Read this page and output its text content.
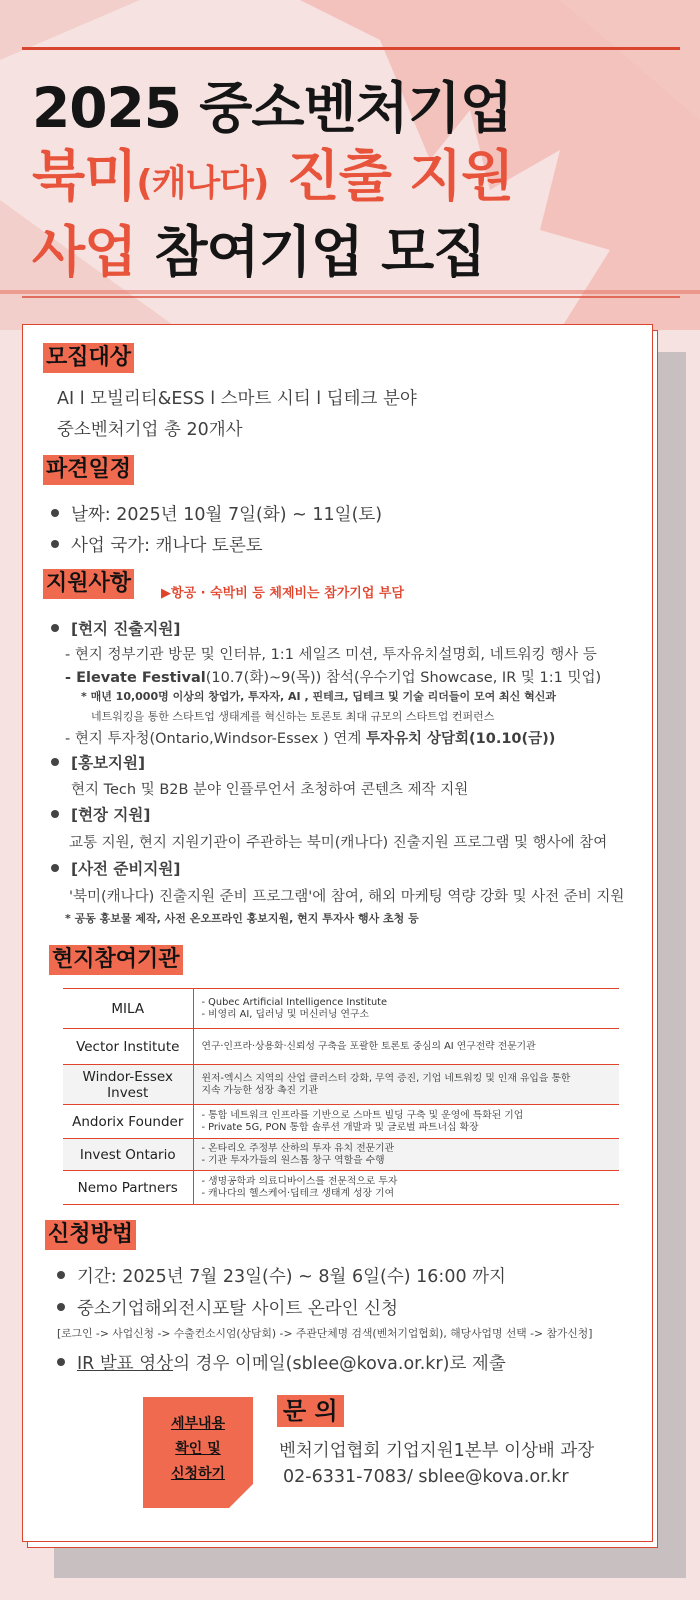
2025 중소벤처기업
북미(캐나다) 진출 지원
사업 참여기업 모집
모집대상
AI l 모빌리티&ESS l 스마트 시티 l 딥테크 분야
중소벤처기업 총 20개사
파견일정
날짜: 2025년 10월 7일(화) ~ 11일(토)
사업 국가: 캐나다 토론토
지원사항 ▶항공 · 숙박비 등 체제비는 참가기업 부담
[현지 진출지원]
- 현지 정부기관 방문 및 인터뷰, 1:1 세일즈 미션, 투자유치설명회, 네트워킹 행사 등
- Elevate Festival(10.7(화)~9(목)) 참석(우수기업 Showcase, IR 및 1:1 밋업)
* 매년 10,000명 이상의 창업가, 투자자, AI , 핀테크, 딥테크 및 기술 리더들이 모여 최신 혁신과
네트워킹을 통한 스타트업 생태계를 혁신하는 토론토 최대 규모의 스타트업 컨퍼런스
- 현지 투자청(Ontario,Windsor-Essex ) 연계 투자유치 상담회(10.10(금))
[홍보지원]
현지 Tech 및 B2B 분야 인플루언서 초청하여 콘텐츠 제작 지원
[현장 지원]
교통 지원, 현지 지원기관이 주관하는 북미(캐나다) 진출지원 프로그램 및 행사에 참여
[사전 준비지원]
'북미(캐나다) 진출지원 준비 프로그램'에 참여, 해외 마케팅 역량 강화 및 사전 준비 지원
* 공동 홍보물 제작, 사전 온오프라인 홍보지원, 현지 투자사 행사 초청 등
현지참여기관
MILA	- Qubec Artificial Intelligence Institute
- 비영리 AI, 딥러닝 및 머신러닝 연구소

Vector Institute	연구·인프라·상용화·신뢰성 구축을 포괄한 토론토 중심의 AI 연구전략 전문기관

Windor-Essex Invest	윈저-엑시스 지역의 산업 클러스터 강화, 무역 증진, 기업 네트워킹 및 인재 유입을 통한
지속 가능한 성장 촉진 기관

Andorix Founder	- 통합 네트워크 인프라를 기반으로 스마트 빌딩 구축 및 운영에 특화된 기업
- Private 5G, PON 통합 솔루션 개발과 및 글로벌 파트너십 확장

Invest Ontario	- 온타리오 주정부 산하의 투자 유치 전문기관
- 기관 투자가들의 원스톱 창구 역할을 수행

Nemo Partners	- 생명공학과 의료디바이스를 전문적으로 투자
- 캐나다의 헬스케어·딥테크 생태계 성장 기여
신청방법
기간: 2025년 7월 23일(수) ~ 8월 6일(수) 16:00 까지
중소기업해외전시포탈 사이트 온라인 신청
[로그인 -> 사업신청 -> 수출컨소시엄(상담회) -> 주관단체명 검색(벤처기업협회), 해당사업명 선택 -> 참가신청]
IR 발표 영상의 경우 이메일(sblee@kova.or.kr)로 제출
세부내용
확인 및
신청하기
문 의
벤처기업협회 기업지원1본부 이상배 과장
02-6331-7083/ sblee@kova.or.kr
